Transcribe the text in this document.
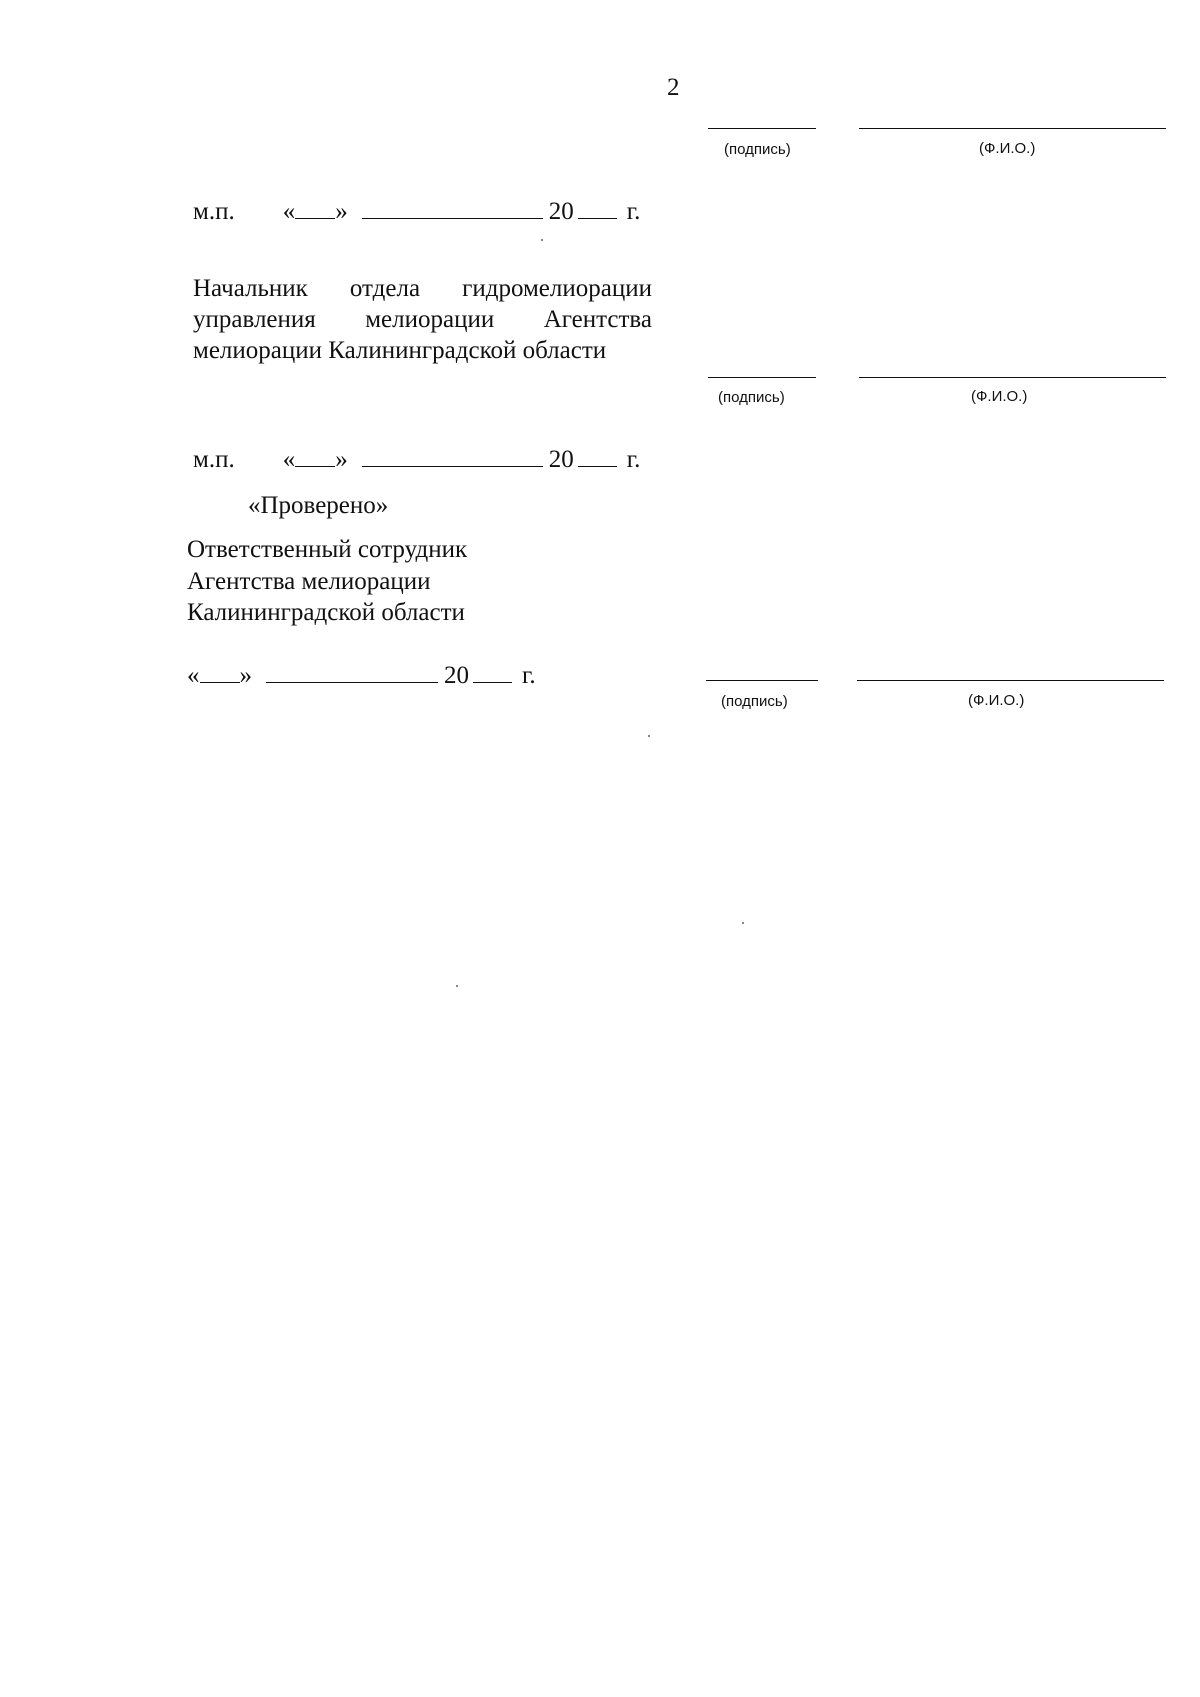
2
(подпись)	(Ф.И.О.)
м.п. « »	20 г.
Начальник отдела гидромелиорации
управления мелиорации Агентства
мелиорации Калининградской области
(подпись)	(Ф.И.О.)
м.п. « »	20 г.
«Проверено»
Ответственный сотрудник
Агентства мелиорации
Калининградской области
« »	20 г.
(подпись)	(Ф.И.О.)
